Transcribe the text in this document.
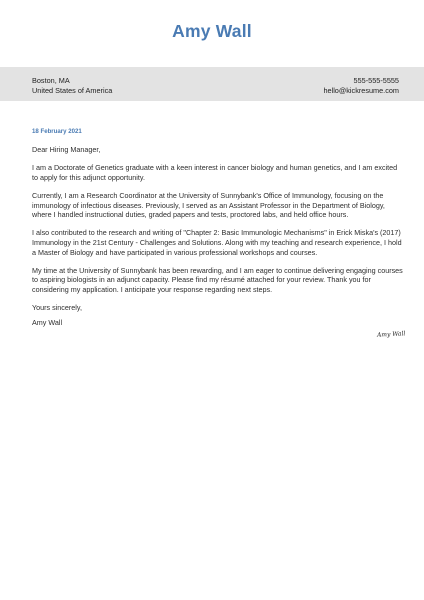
Amy Wall
Boston, MA
United States of America
555-555-5555
hello@kickresume.com
18 February 2021

Dear Hiring Manager,

I am a Doctorate of Genetics graduate with a keen interest in cancer biology and human genetics, and I am excited to apply for this adjunct opportunity.

Currently, I am a Research Coordinator at the University of Sunnybank's Office of Immunology, focusing on the immunology of infectious diseases. Previously, I served as an Assistant Professor in the Department of Biology, where I handled instructional duties, graded papers and tests, proctored labs, and held office hours.

I also contributed to the research and writing of "Chapter 2: Basic Immunologic Mechanisms" in Erick Miska's (2017) Immunology in the 21st Century - Challenges and Solutions. Along with my teaching and research experience, I hold a Master of Biology and have participated in various professional workshops and courses.

My time at the University of Sunnybank has been rewarding, and I am eager to continue delivering engaging courses to aspiring biologists in an adjunct capacity. Please find my résumé attached for your review. Thank you for considering my application. I anticipate your response regarding next steps.

Yours sincerely,

Amy Wall

Amy Wall
